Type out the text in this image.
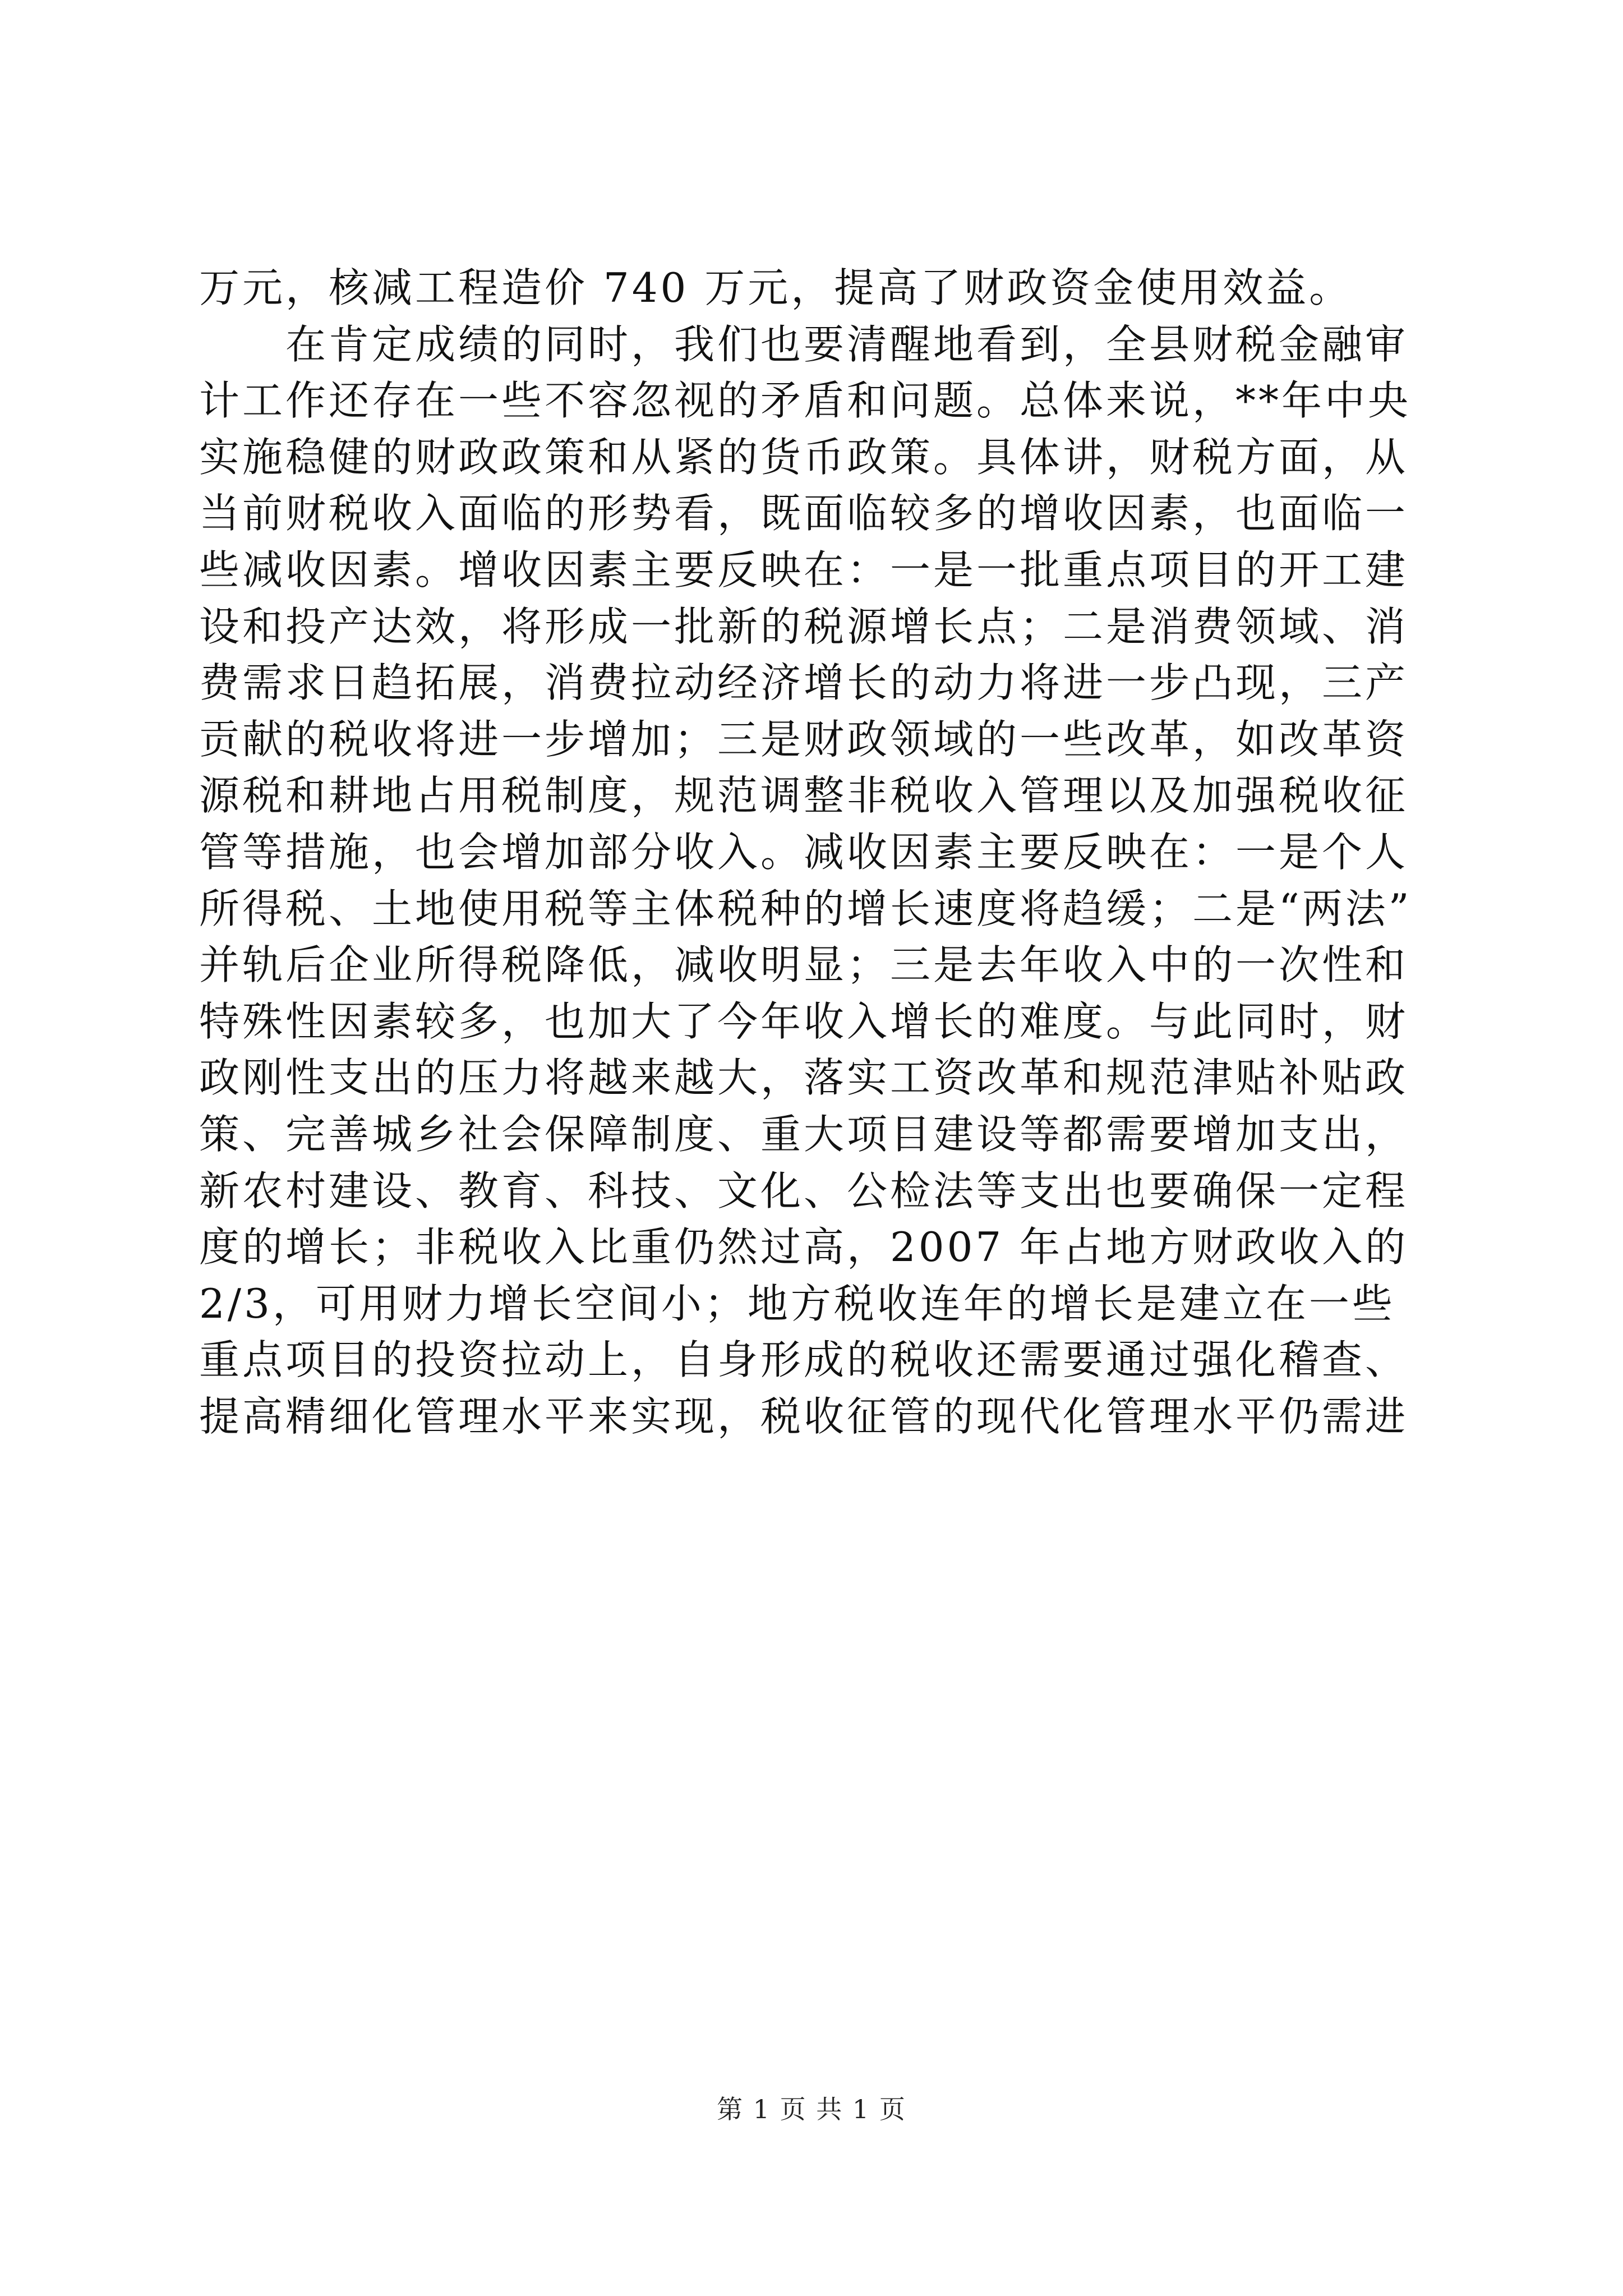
万元，核减工程造价 740 万元，提高了财政资金使用效益。
　　在肯定成绩的同时，我们也要清醒地看到，全县财税金融审
计工作还存在一些不容忽视的矛盾和问题。总体来说，**年中央
实施稳健的财政政策和从紧的货币政策。具体讲，财税方面，从
当前财税收入面临的形势看，既面临较多的增收因素，也面临一
些减收因素。增收因素主要反映在：一是一批重点项目的开工建
设和投产达效，将形成一批新的税源增长点；二是消费领域、消
费需求日趋拓展，消费拉动经济增长的动力将进一步凸现，三产
贡献的税收将进一步增加；三是财政领域的一些改革，如改革资
源税和耕地占用税制度，规范调整非税收入管理以及加强税收征
管等措施，也会增加部分收入。减收因素主要反映在：一是个人
所得税、土地使用税等主体税种的增长速度将趋缓；二是“两法”
并轨后企业所得税降低，减收明显；三是去年收入中的一次性和
特殊性因素较多，也加大了今年收入增长的难度。与此同时，财
政刚性支出的压力将越来越大，落实工资改革和规范津贴补贴政
策、完善城乡社会保障制度、重大项目建设等都需要增加支出，
新农村建设、教育、科技、文化、公检法等支出也要确保一定程
度的增长；非税收入比重仍然过高，2007 年占地方财政收入的
2/3，可用财力增长空间小；地方税收连年的增长是建立在一些
重点项目的投资拉动上，自身形成的税收还需要通过强化稽查、
提高精细化管理水平来实现，税收征管的现代化管理水平仍需进
第 1 页 共 1 页
